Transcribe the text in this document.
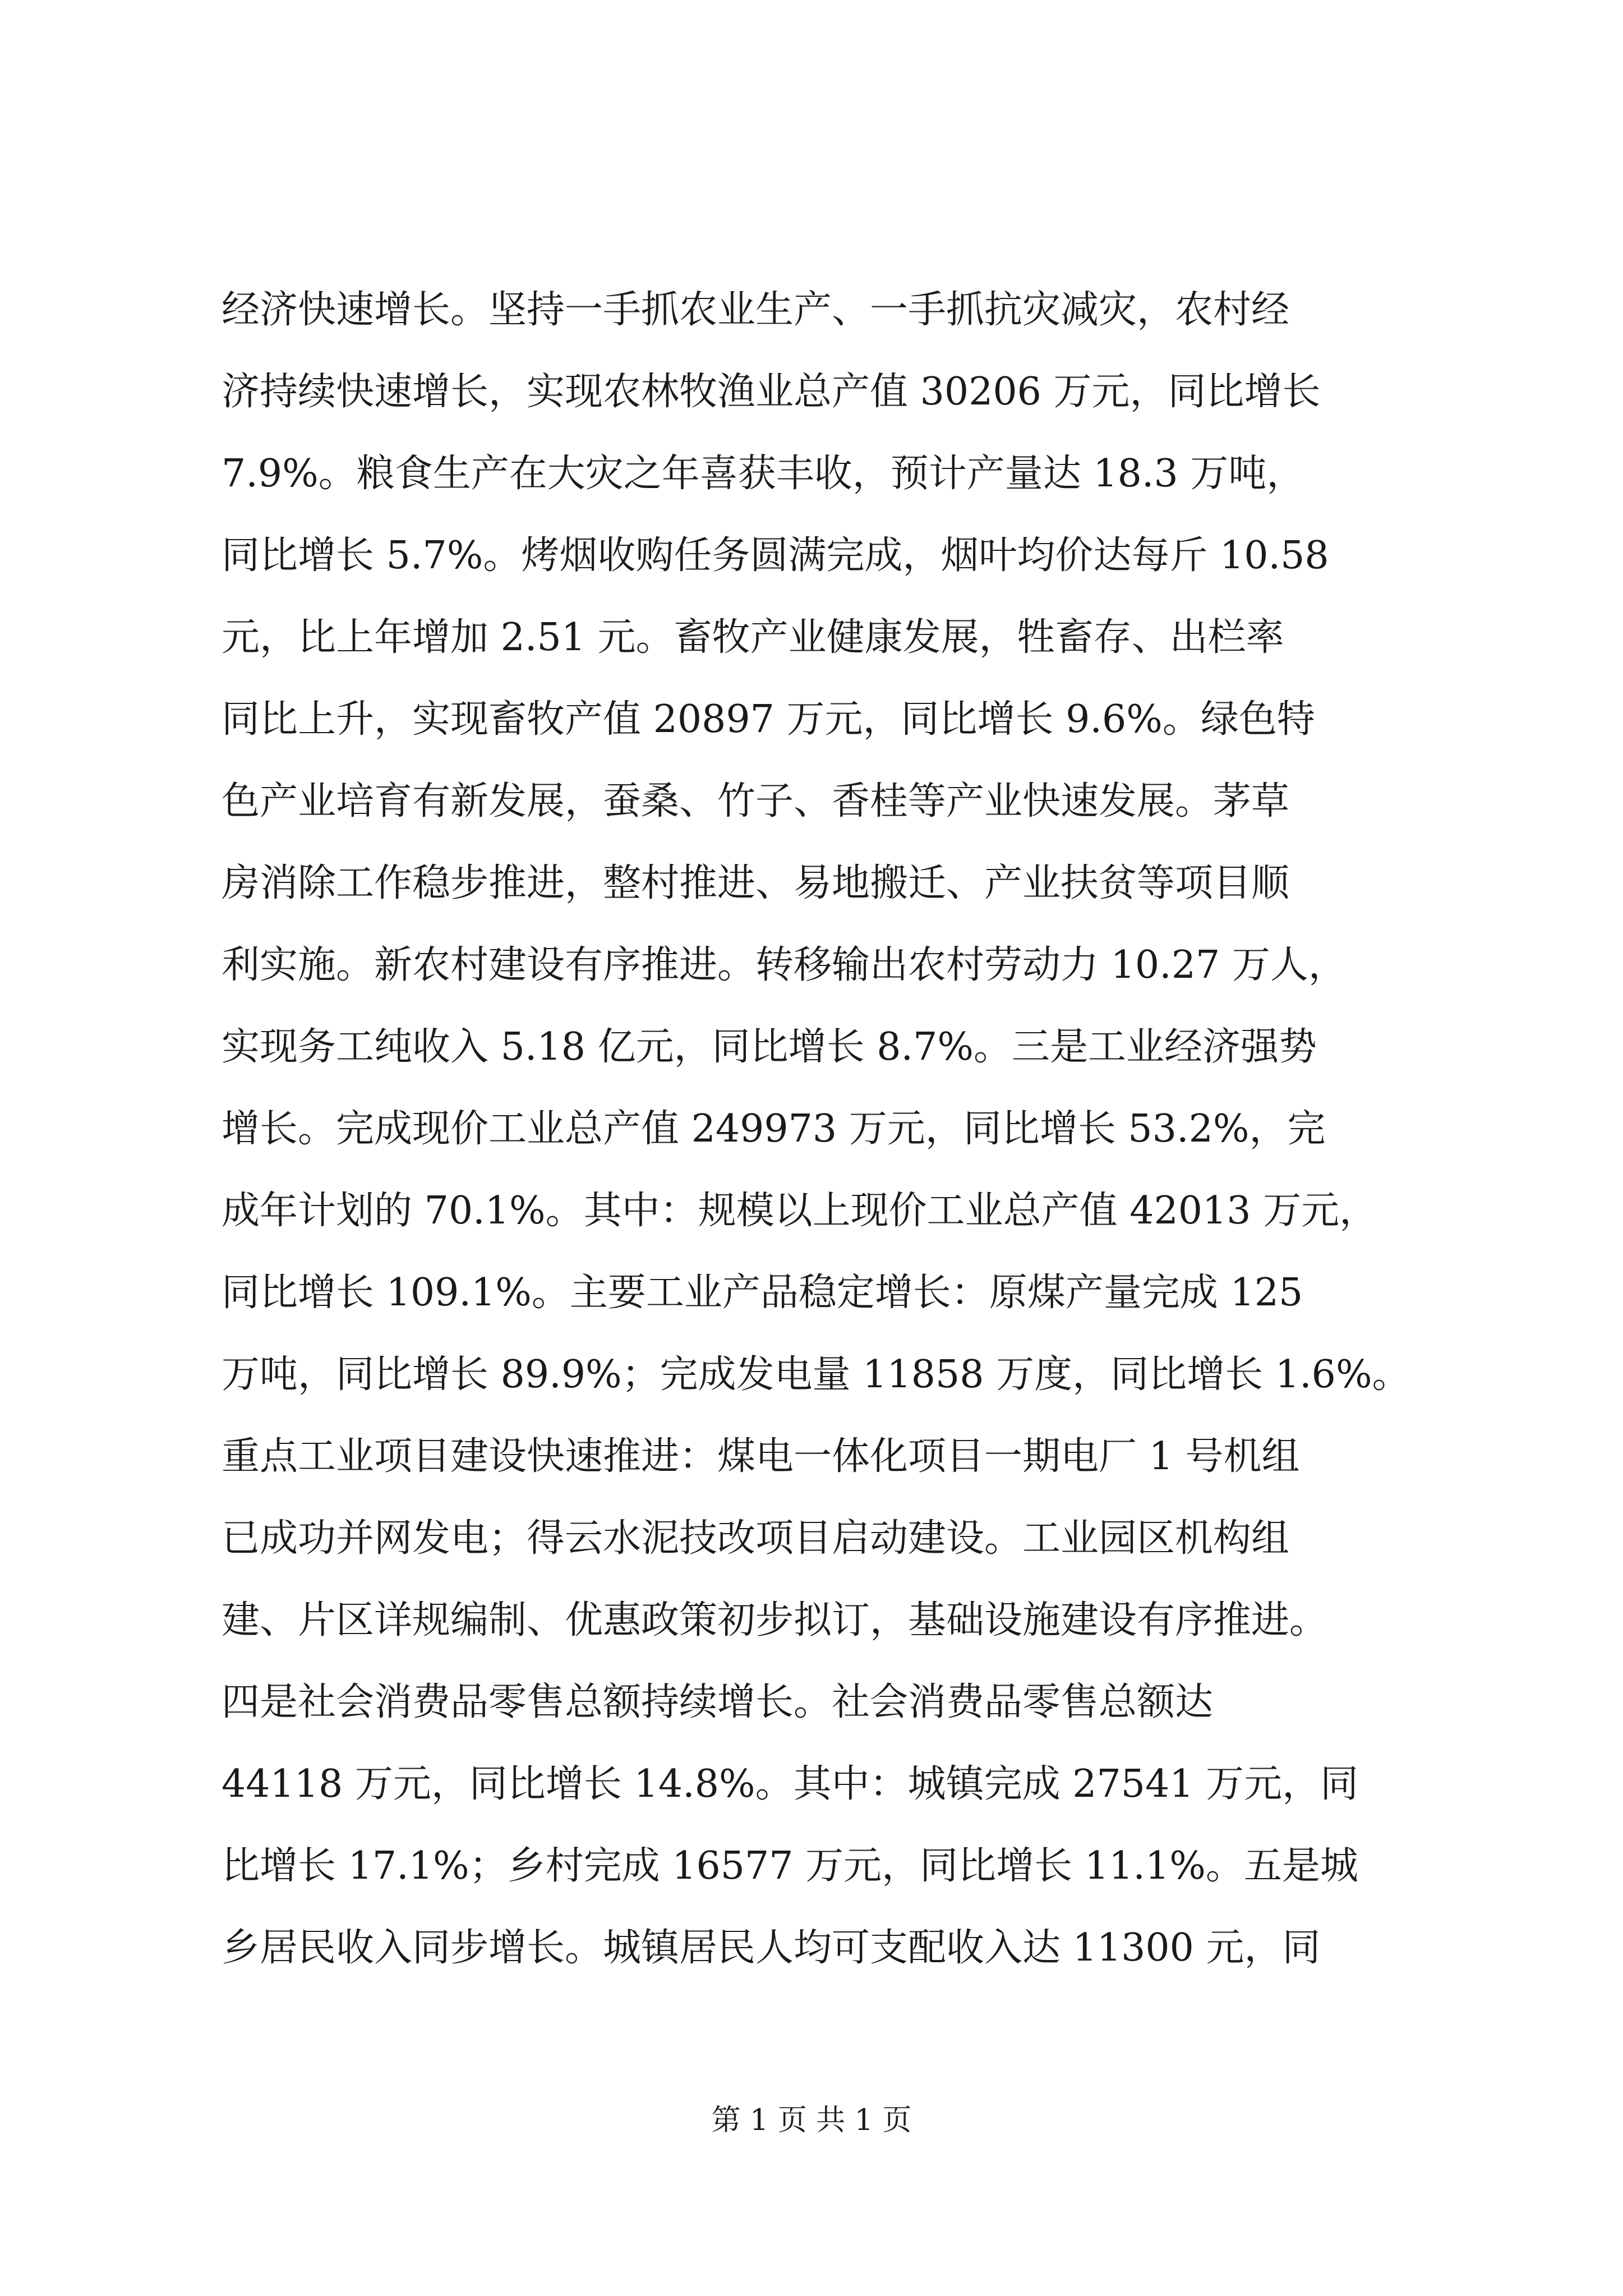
经济快速增长。坚持一手抓农业生产、一手抓抗灾减灾，农村经
济持续快速增长，实现农林牧渔业总产值 30206 万元，同比增长
7.9%。粮食生产在大灾之年喜获丰收，预计产量达 18.3 万吨，
同比增长 5.7%。烤烟收购任务圆满完成，烟叶均价达每斤 10.58
元，比上年增加 2.51 元。畜牧产业健康发展，牲畜存、出栏率
同比上升，实现畜牧产值 20897 万元，同比增长 9.6%。绿色特
色产业培育有新发展，蚕桑、竹子、香桂等产业快速发展。茅草
房消除工作稳步推进，整村推进、易地搬迁、产业扶贫等项目顺
利实施。新农村建设有序推进。转移输出农村劳动力 10.27 万人，
实现务工纯收入 5.18 亿元，同比增长 8.7%。三是工业经济强势
增长。完成现价工业总产值 249973 万元，同比增长 53.2%，完
成年计划的 70.1%。其中：规模以上现价工业总产值 42013 万元，
同比增长 109.1%。主要工业产品稳定增长：原煤产量完成 125
万吨，同比增长 89.9%；完成发电量 11858 万度，同比增长 1.6%。
重点工业项目建设快速推进：煤电一体化项目一期电厂 1 号机组
已成功并网发电；得云水泥技改项目启动建设。工业园区机构组
建、片区详规编制、优惠政策初步拟订，基础设施建设有序推进。
四是社会消费品零售总额持续增长。社会消费品零售总额达
44118 万元，同比增长 14.8%。其中：城镇完成 27541 万元，同
比增长 17.1%；乡村完成 16577 万元，同比增长 11.1%。五是城
乡居民收入同步增长。城镇居民人均可支配收入达 11300 元，同
第 1 页 共 1 页
